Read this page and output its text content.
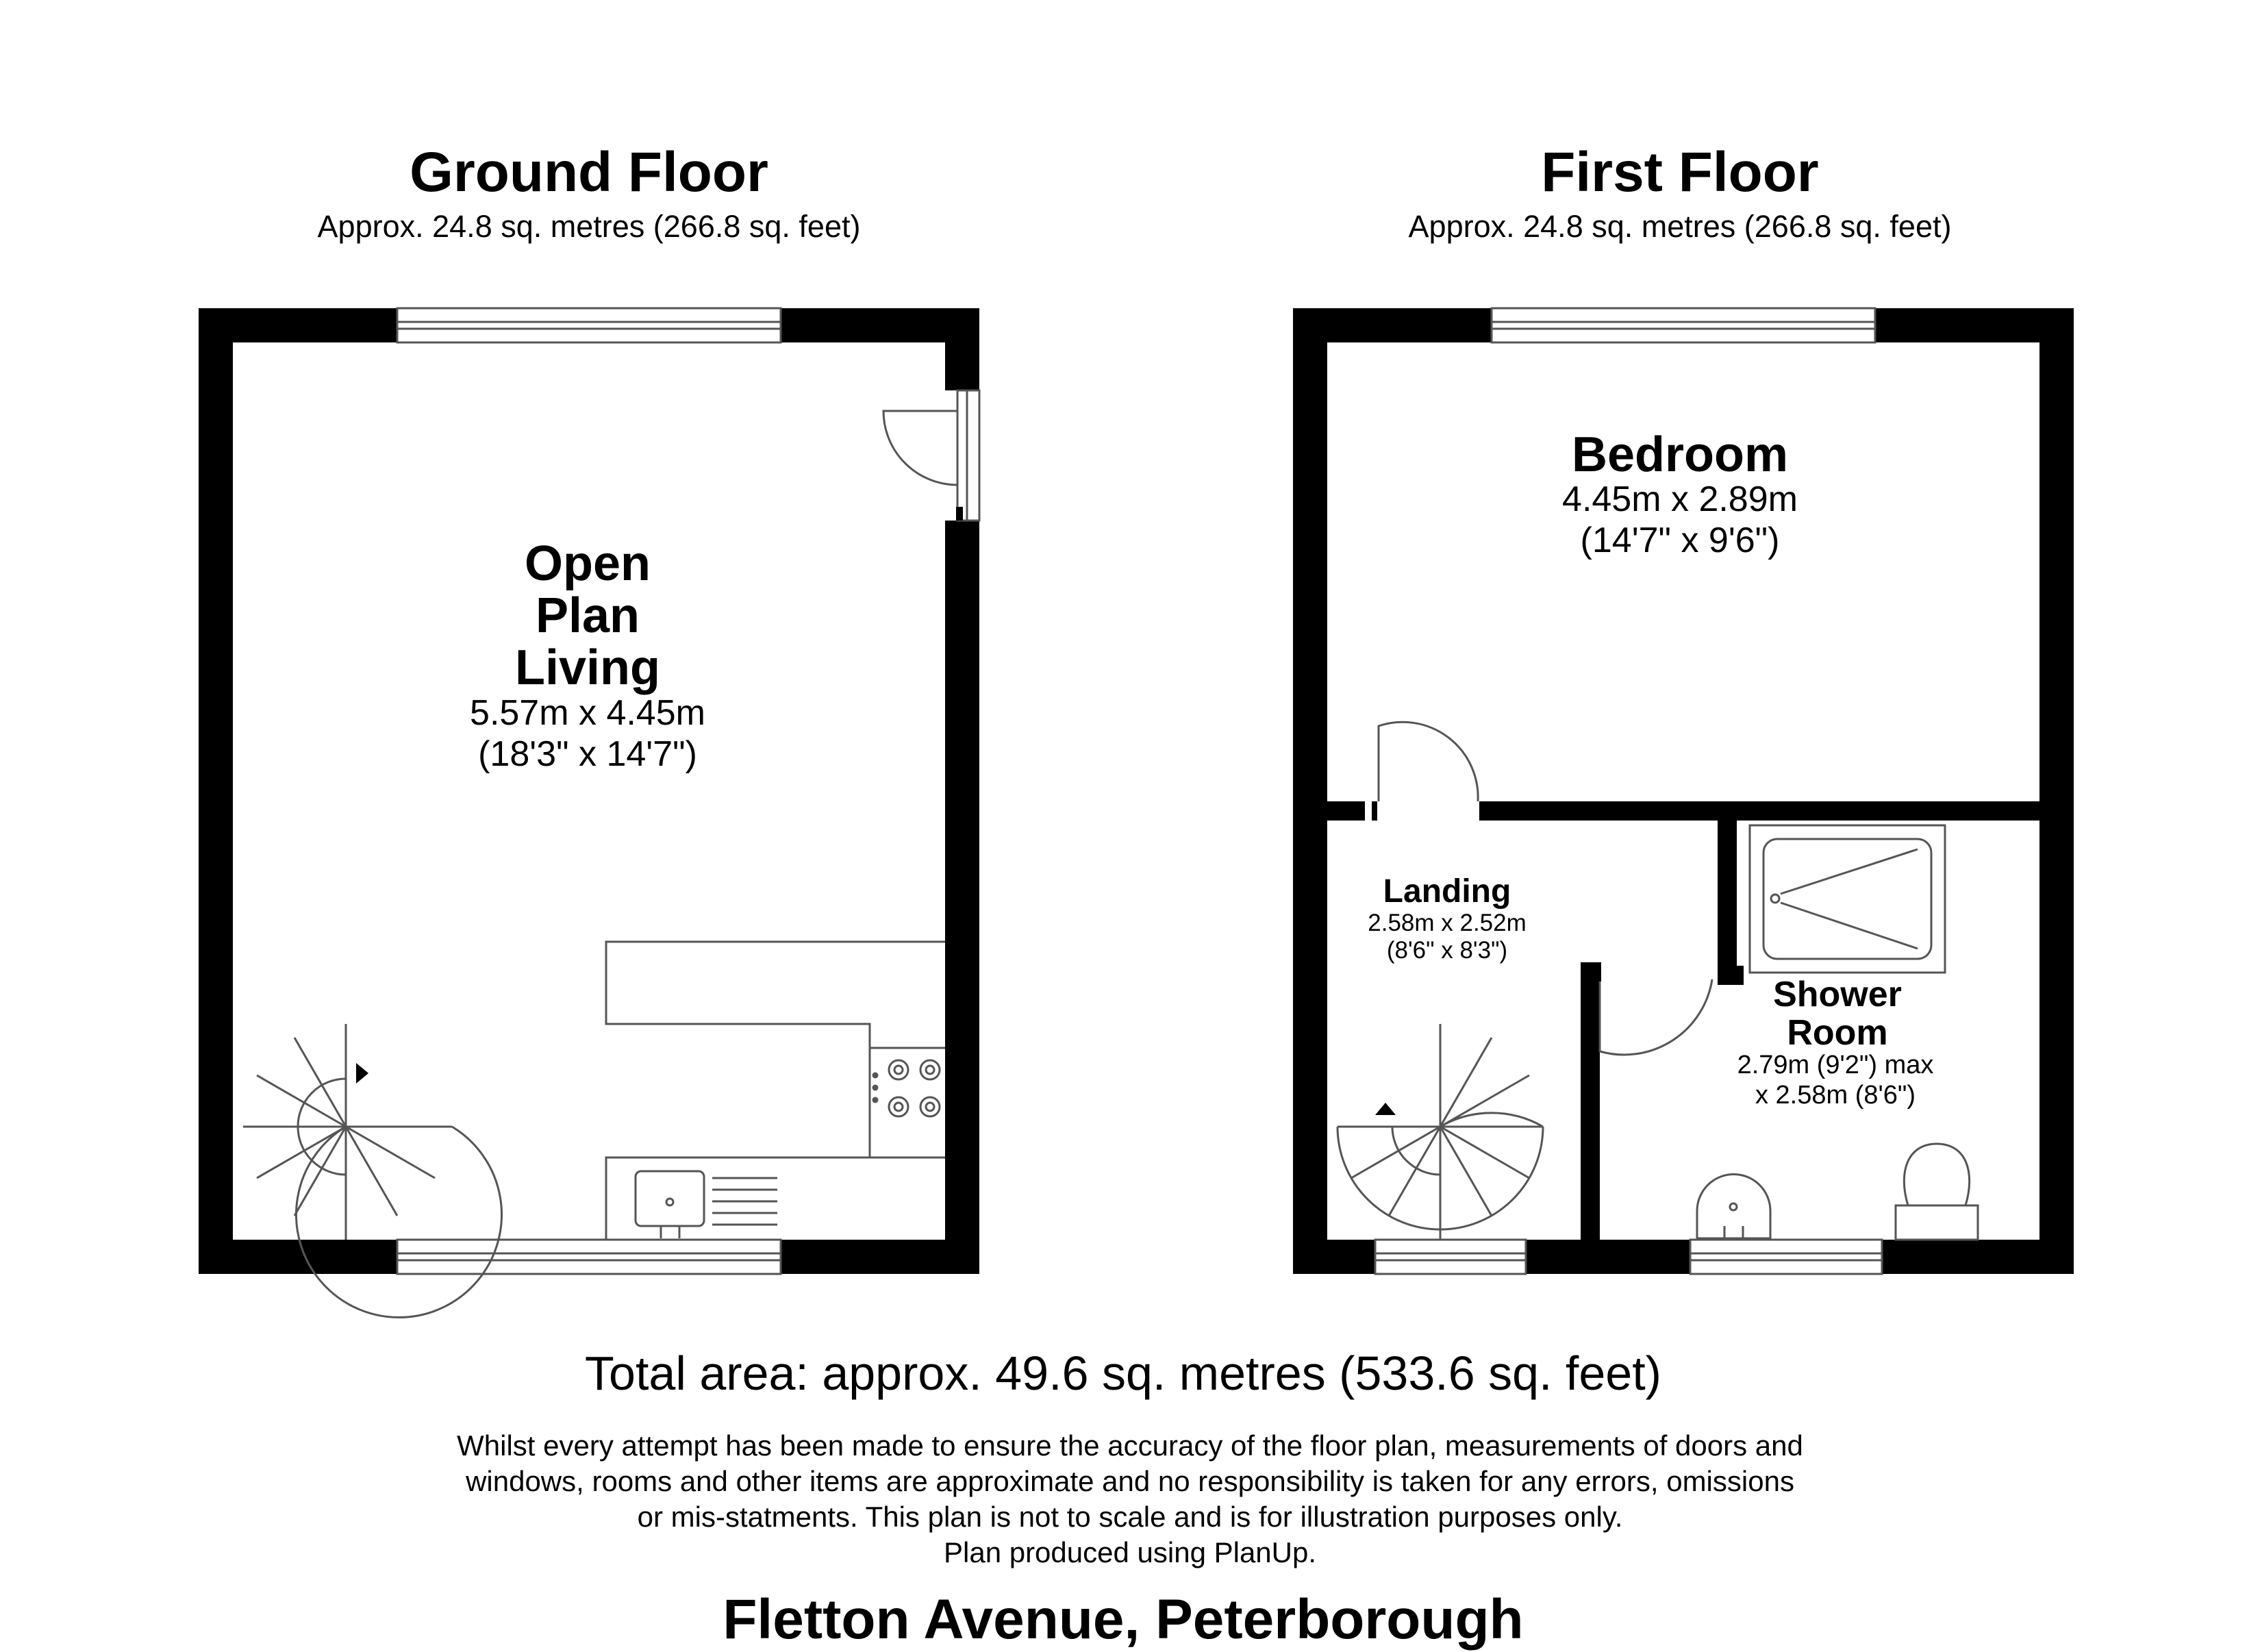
Ground Floor
Approx. 24.8 sq. metres (266.8 sq. feet)
First Floor
Approx. 24.8 sq. metres (266.8 sq. feet)
Open
Plan
Living
5.57m x 4.45m
(18'3" x 14'7")
Bedroom
4.45m x 2.89m
(14'7" x 9'6")
Landing
2.58m x 2.52m
(8'6" x 8'3")
Shower
Room
2.79m (9'2") max
x 2.58m (8'6")
Total area: approx. 49.6 sq. metres (533.6 sq. feet)
Whilst every attempt has been made to ensure the accuracy of the floor plan, measurements of doors and
windows, rooms and other items are approximate and no responsibility is taken for any errors, omissions
or mis-statments. This plan is not to scale and is for illustration purposes only.
Plan produced using PlanUp.
Fletton Avenue, Peterborough
